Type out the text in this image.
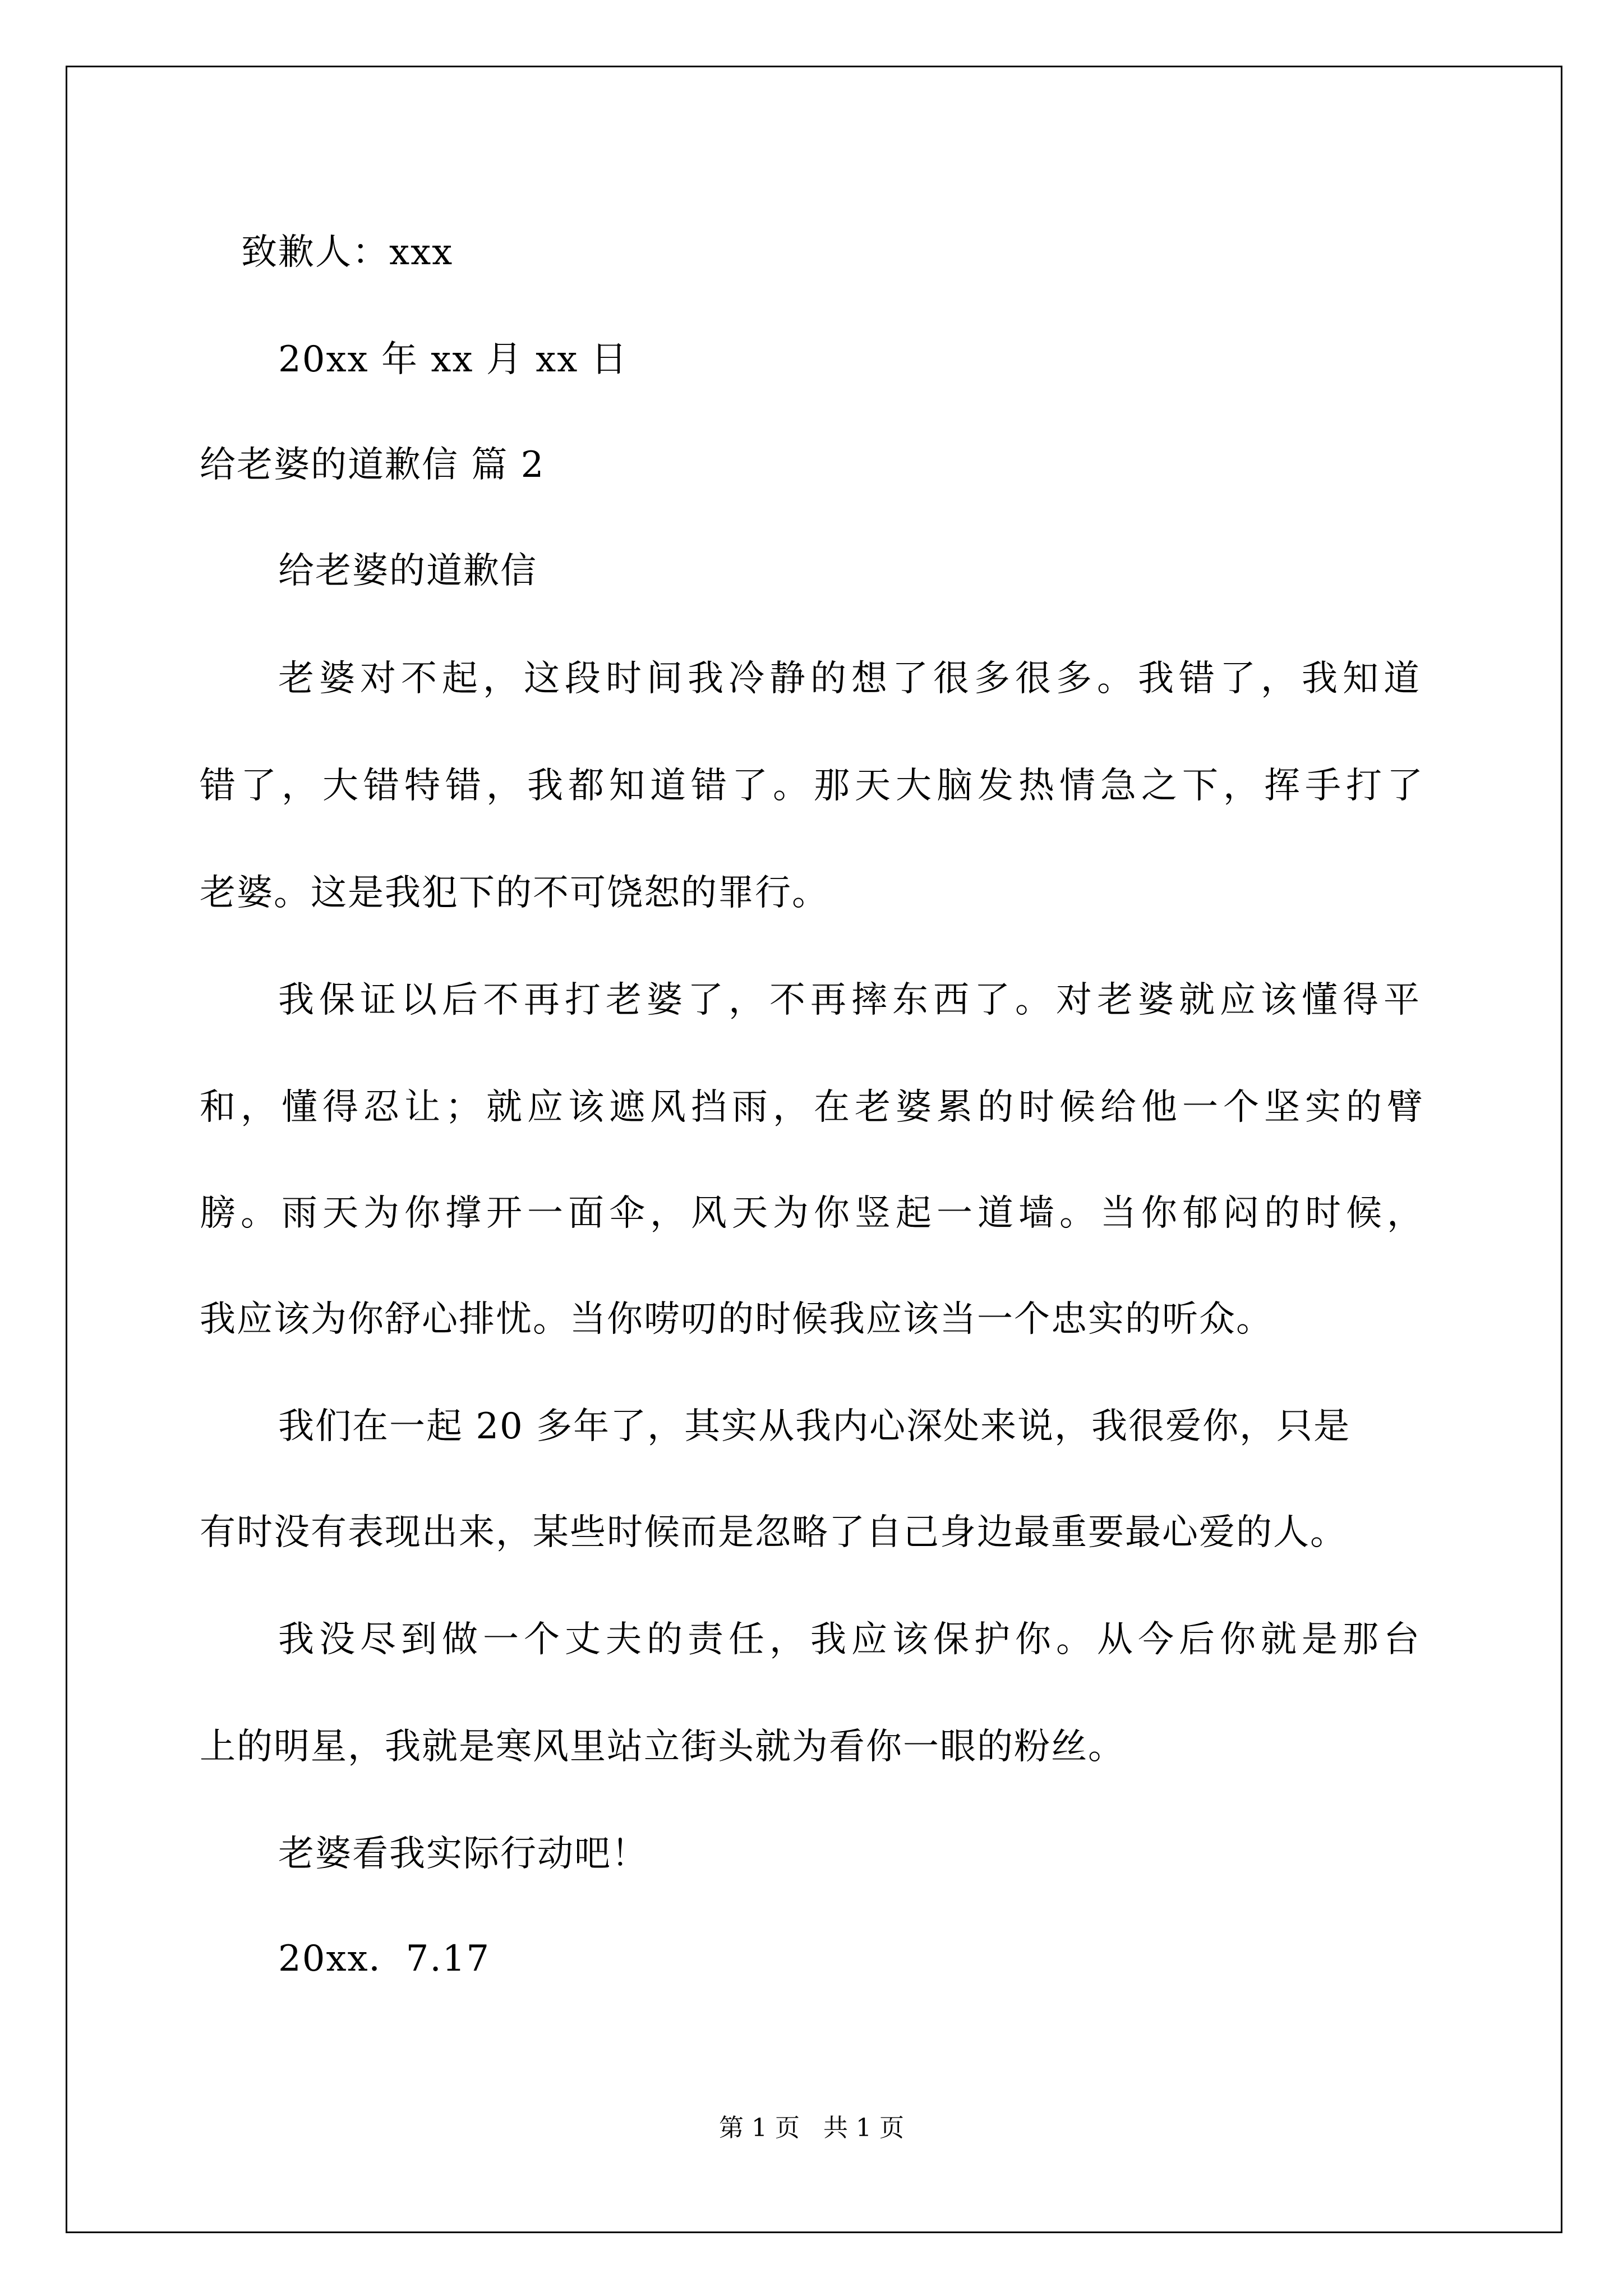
致歉人：xxx
20xx 年 xx 月 xx 日
给老婆的道歉信 篇 2
给老婆的道歉信
老婆对不起，这段时间我冷静的想了很多很多。我错了，我知道
错了，大错特错，我都知道错了。那天大脑发热情急之下，挥手打了
老婆。这是我犯下的不可饶恕的罪行。
我保证以后不再打老婆了，不再摔东西了。对老婆就应该懂得平
和，懂得忍让；就应该遮风挡雨，在老婆累的时候给他一个坚实的臂
膀。雨天为你撑开一面伞，风天为你竖起一道墙。当你郁闷的时候，
我应该为你舒心排忧。当你唠叨的时候我应该当一个忠实的听众。
我们在一起 20 多年了，其实从我内心深处来说，我很爱你，只是
有时没有表现出来，某些时候而是忽略了自己身边最重要最心爱的人。
我没尽到做一个丈夫的责任，我应该保护你。从今后你就是那台
上的明星，我就是寒风里站立街头就为看你一眼的粉丝。
老婆看我实际行动吧！
20xx．7.17
第 1 页   共 1 页
